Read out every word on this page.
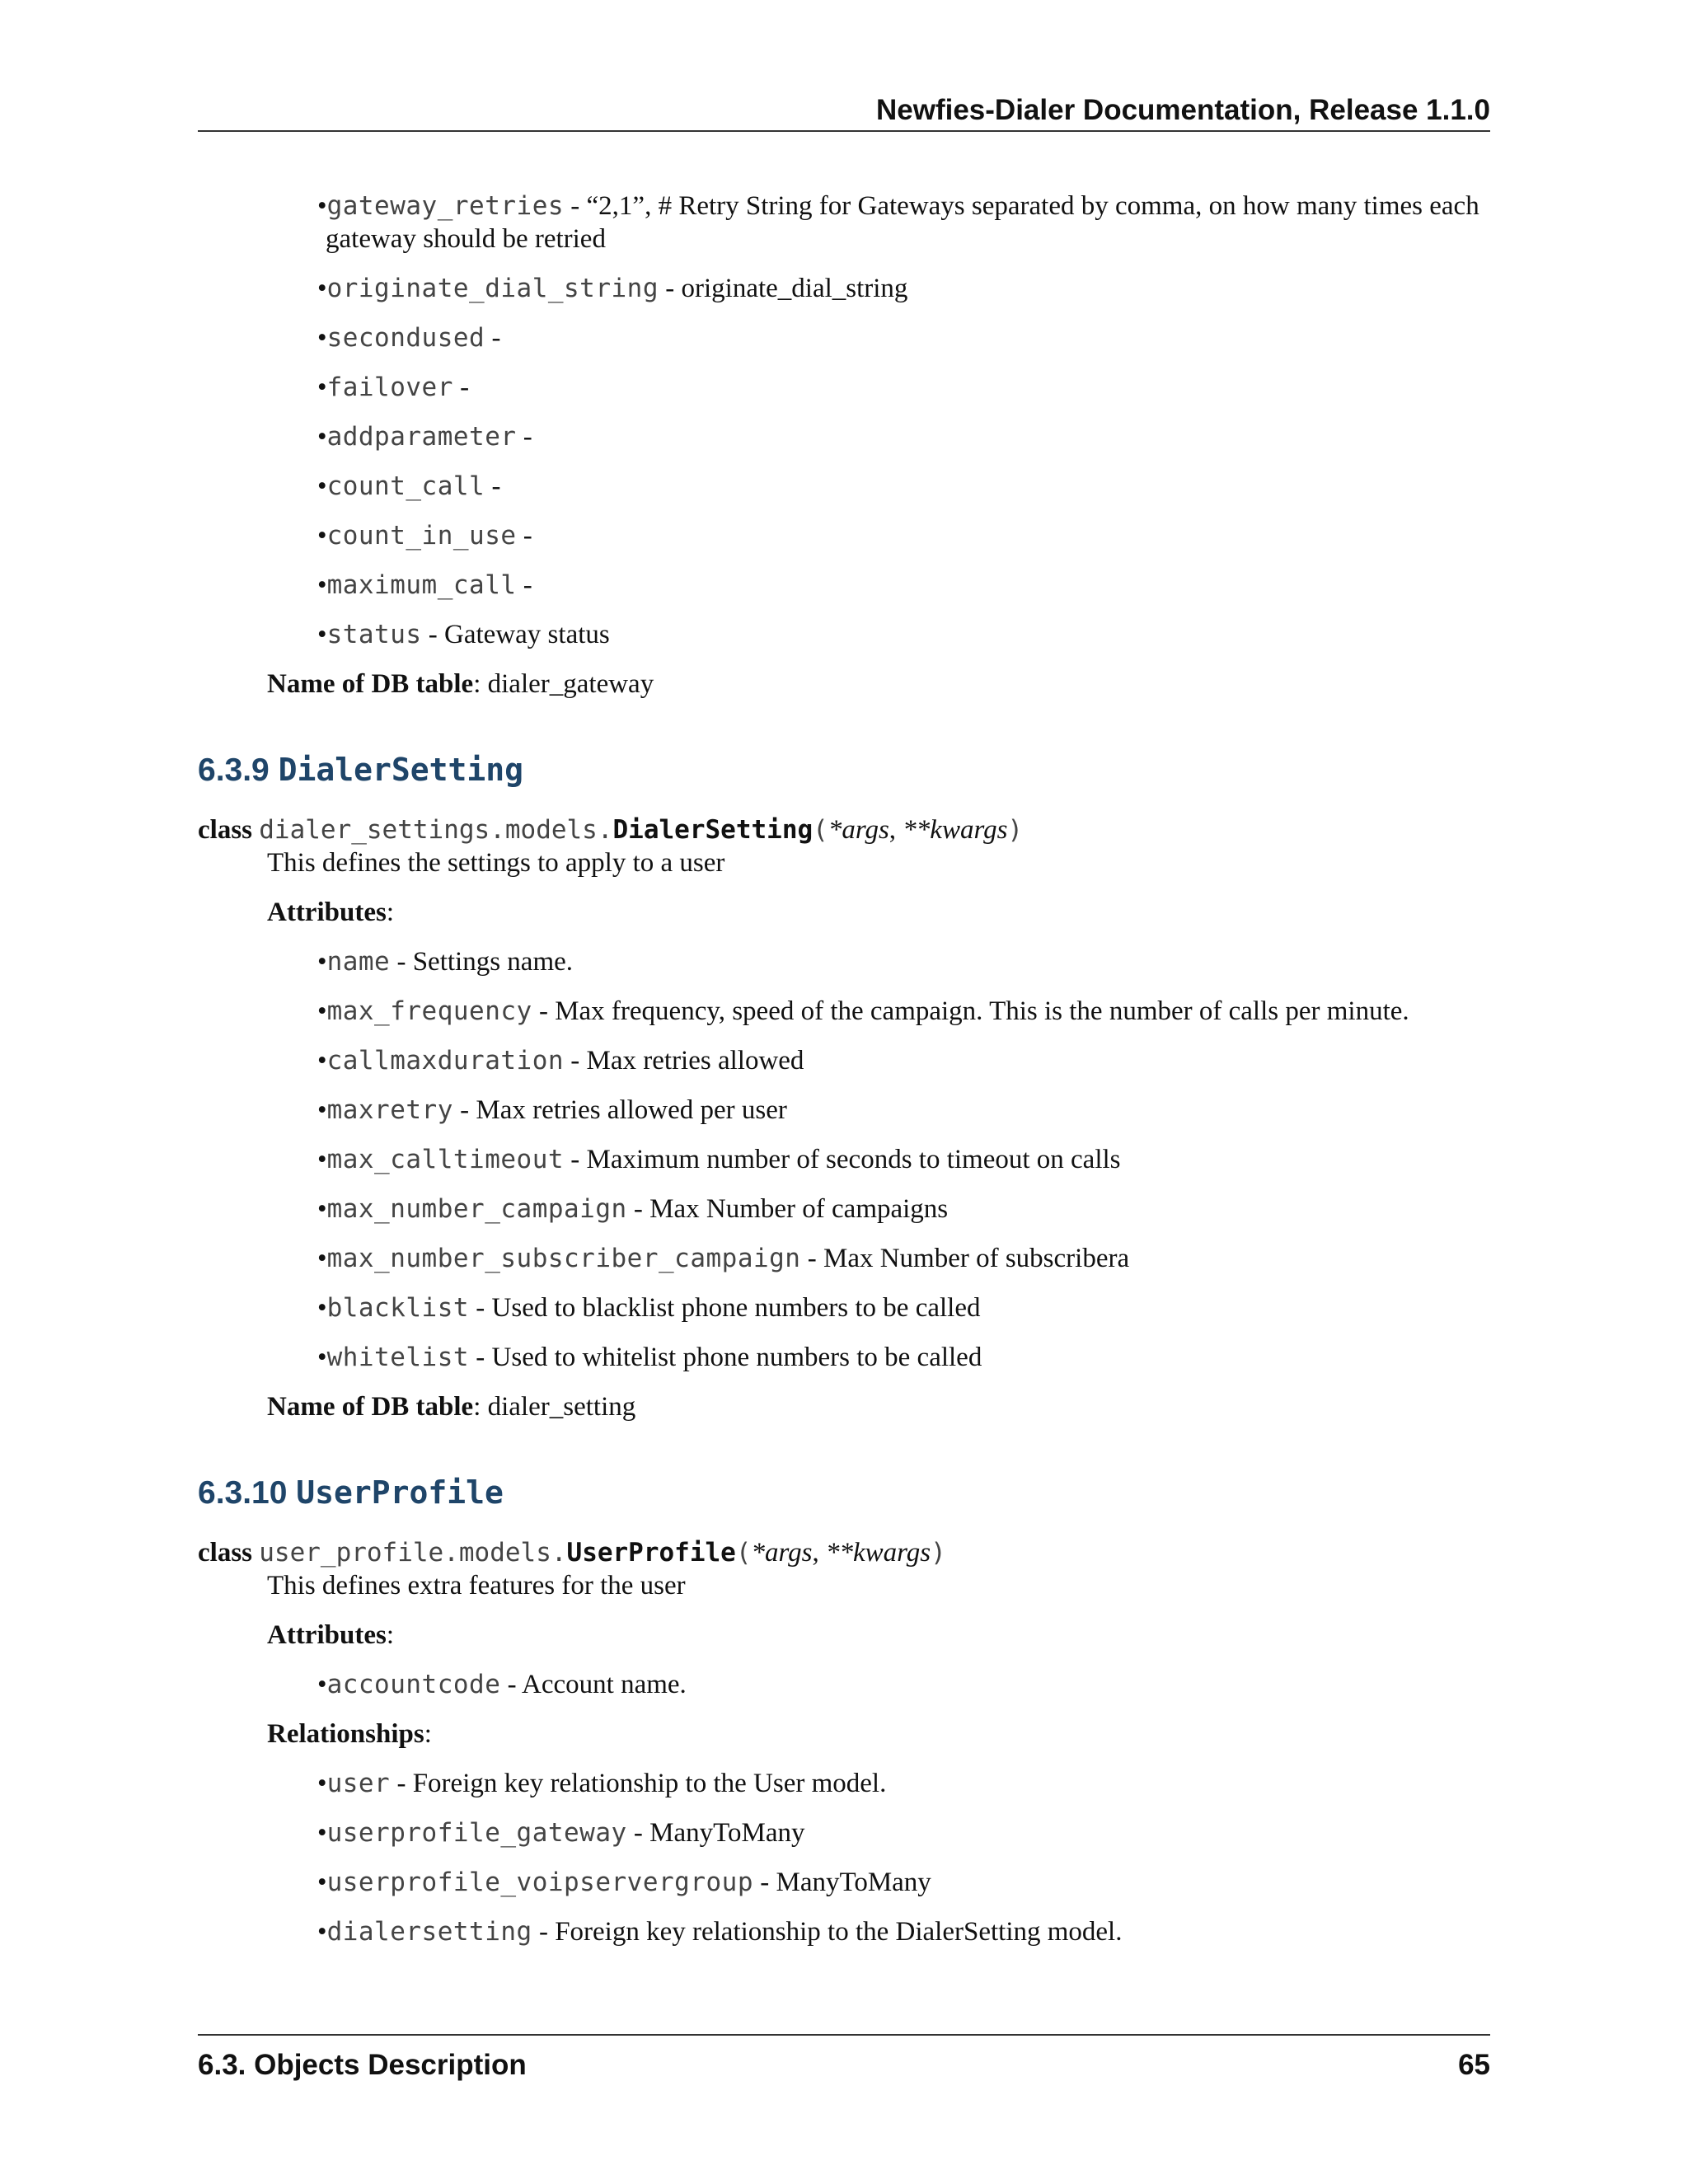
Newfies-Dialer Documentation, Release 1.1.0
•gateway_retries - “2,1”, # Retry String for Gateways separated by comma, on how many times each gateway should be retried
•originate_dial_string - originate_dial_string
•secondused -
•failover -
•addparameter -
•count_call -
•count_in_use -
•maximum_call -
•status - Gateway status

Name of DB table: dialer_gateway

6.3.9 DialerSetting

class dialer_settings.models.DialerSetting(*args, **kwargs)

This defines the settings to apply to a user

Attributes:

•name - Settings name.
•max_frequency - Max frequency, speed of the campaign. This is the number of calls per minute.
•callmaxduration - Max retries allowed
•maxretry - Max retries allowed per user
•max_calltimeout - Maximum number of seconds to timeout on calls
•max_number_campaign - Max Number of campaigns
•max_number_subscriber_campaign - Max Number of subscribera
•blacklist - Used to blacklist phone numbers to be called
•whitelist - Used to whitelist phone numbers to be called

Name of DB table: dialer_setting

6.3.10 UserProfile

class user_profile.models.UserProfile(*args, **kwargs)

This defines extra features for the user

Attributes:

•accountcode - Account name.

Relationships:

•user - Foreign key relationship to the User model.
•userprofile_gateway - ManyToMany
•userprofile_voipservergroup - ManyToMany
•dialersetting - Foreign key relationship to the DialerSetting model.
6.3. Objects Description	65
